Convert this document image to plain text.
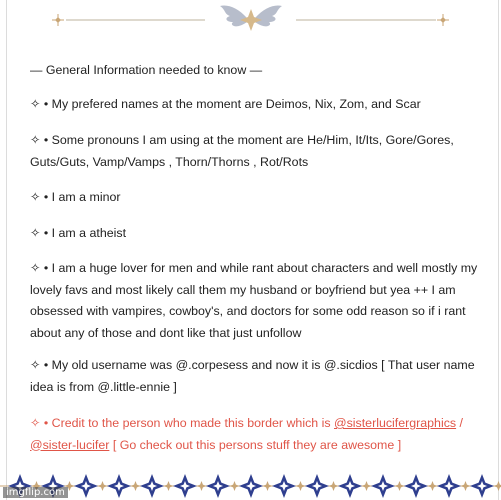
— General Information needed to know —

✧ • My prefered names at the moment are Deimos, Nix, Zom, and Scar

✧ • Some pronouns I am using at the moment are He/Him, It/Its, Gore/Gores, Guts/Guts, Vamp/Vamps , Thorn/Thorns , Rot/Rots

✧ • I am a minor

✧ • I am a atheist

✧ • I am a huge lover for men and while rant about characters and well mostly my lovely favs and most likely call them my husband or boyfriend but yea ++ I am obsessed with vampires, cowboy's, and doctors for some odd reason so if i rant about any of those and dont like that just unfollow

✧ • My old username was @.corpesess and now it is @.sicdios [ That user name idea is from @.little-ennie ]

✧ • Credit to the person who made this border which is @sisterlucifergraphics / @sister-lucifer [ Go check out this persons stuff they are awesome ]

imgflip.com
